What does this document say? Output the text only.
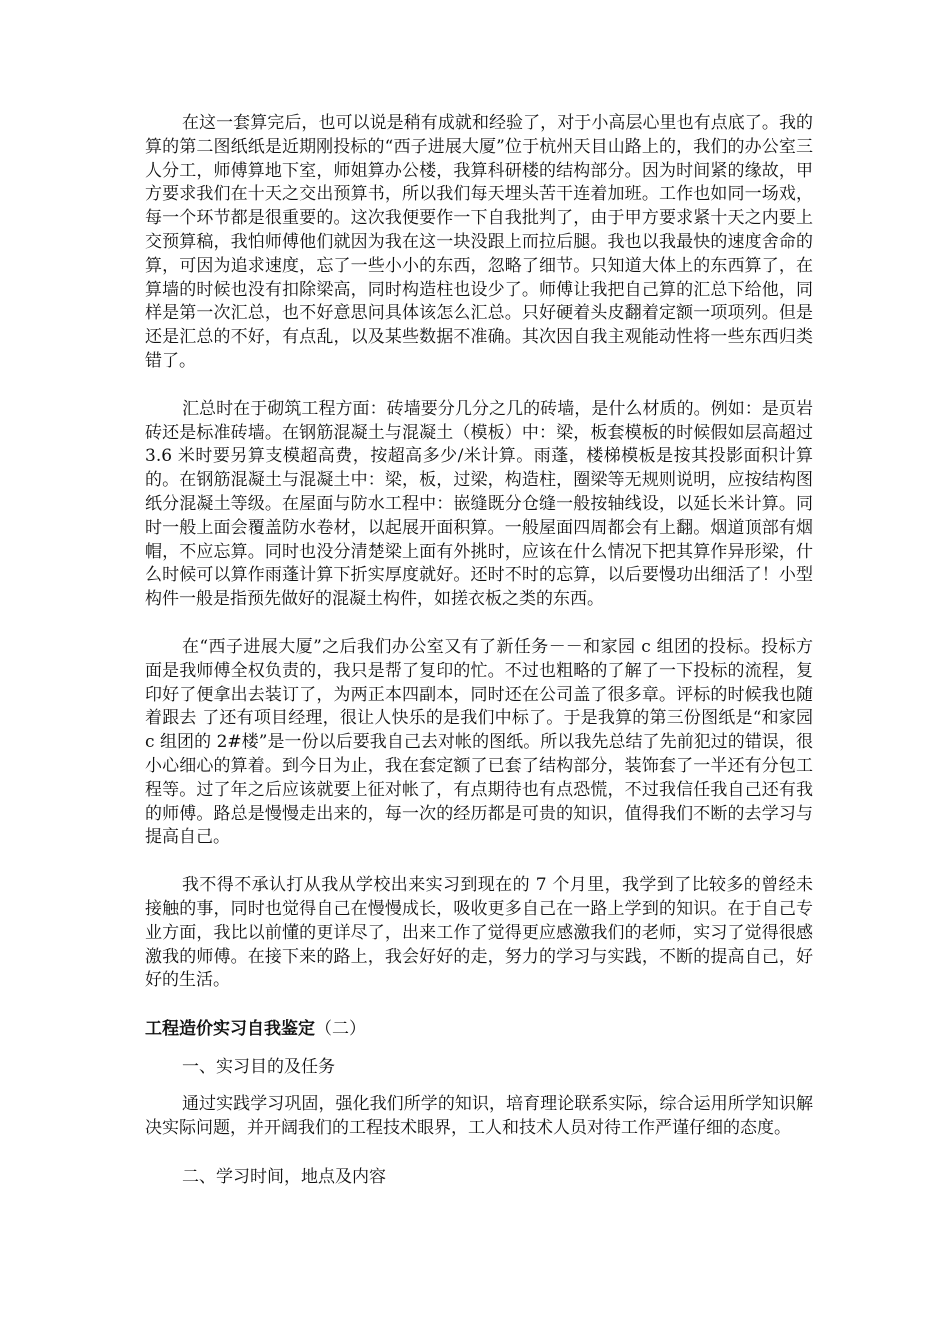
在这一套算完后，也可以说是稍有成就和经验了，对于小高层心里也有点底了。我的算的第二图纸纸是近期刚投标的“西子进展大厦”位于杭州天目山路上的，我们的办公室三人分工，师傅算地下室，师姐算办公楼，我算科研楼的结构部分。因为时间紧的缘故，甲方要求我们在十天之交出预算书，所以我们每天埋头苦干连着加班。工作也如同一场戏，每一个环节都是很重要的。这次我便要作一下自我批判了，由于甲方要求紧十天之内要上交预算稿，我怕师傅他们就因为我在这一块没跟上而拉后腿。我也以我最快的速度舍命的算，可因为追求速度，忘了一些小小的东西，忽略了细节。只知道大体上的东西算了，在算墙的时候也没有扣除梁高，同时构造柱也设少了。师傅让我把自己算的汇总下给他，同样是第一次汇总，也不好意思问具体该怎么汇总。只好硬着头皮翻着定额一项项列。但是还是汇总的不好，有点乱，以及某些数据不准确。其次因自我主观能动性将一些东西归类错了。

汇总时在于砌筑工程方面：砖墙要分几分之几的砖墙，是什么材质的。例如：是页岩砖还是标准砖墙。在钢筋混凝土与混凝土（模板）中：梁，板套模板的时候假如层高超过 3.6 米时要另算支模超高费，按超高多少/米计算。雨蓬，楼梯模板是按其投影面积计算的。在钢筋混凝土与混凝土中：梁，板，过梁，构造柱，圈梁等无规则说明，应按结构图纸分混凝土等级。在屋面与防水工程中：嵌缝既分仓缝一般按轴线设，以延长米计算。同时一般上面会覆盖防水卷材，以起展开面积算。一般屋面四周都会有上翻。烟道顶部有烟帽，不应忘算。同时也没分清楚梁上面有外挑时，应该在什么情况下把其算作异形梁，什么时候可以算作雨蓬计算下折实厚度就好。还时不时的忘算，以后要慢功出细活了！小型构件一般是指预先做好的混凝土构件，如搓衣板之类的东西。

在“西子进展大厦”之后我们办公室又有了新任务－－和家园 c 组团的投标。投标方面是我师傅全权负责的，我只是帮了复印的忙。不过也粗略的了解了一下投标的流程，复印好了便拿出去装订了，为两正本四副本，同时还在公司盖了很多章。评标的时候我也随着跟去 了还有项目经理，很让人快乐的是我们中标了。于是我算的第三份图纸是“和家园 c 组团的 2#楼”是一份以后要我自己去对帐的图纸。所以我先总结了先前犯过的错误，很小心细心的算着。到今日为止，我在套定额了已套了结构部分，装饰套了一半还有分包工程等。过了年之后应该就要上征对帐了，有点期待也有点恐慌，不过我信任我自己还有我的师傅。路总是慢慢走出来的，每一次的经历都是可贵的知识，值得我们不断的去学习与提高自己。

我不得不承认打从我从学校出来实习到现在的 7 个月里，我学到了比较多的曾经未接触的事，同时也觉得自己在慢慢成长，吸收更多自己在一路上学到的知识。在于自己专业方面，我比以前懂的更详尽了，出来工作了觉得更应感激我们的老师，实习了觉得很感激我的师傅。在接下来的路上，我会好好的走，努力的学习与实践，不断的提高自己，好好的生活。

工程造价实习自我鉴定（二）

一、实习目的及任务

通过实践学习巩固，强化我们所学的知识，培育理论联系实际，综合运用所学知识解决实际问题，并开阔我们的工程技术眼界，工人和技术人员对待工作严谨仔细的态度。

二、学习时间，地点及内容
